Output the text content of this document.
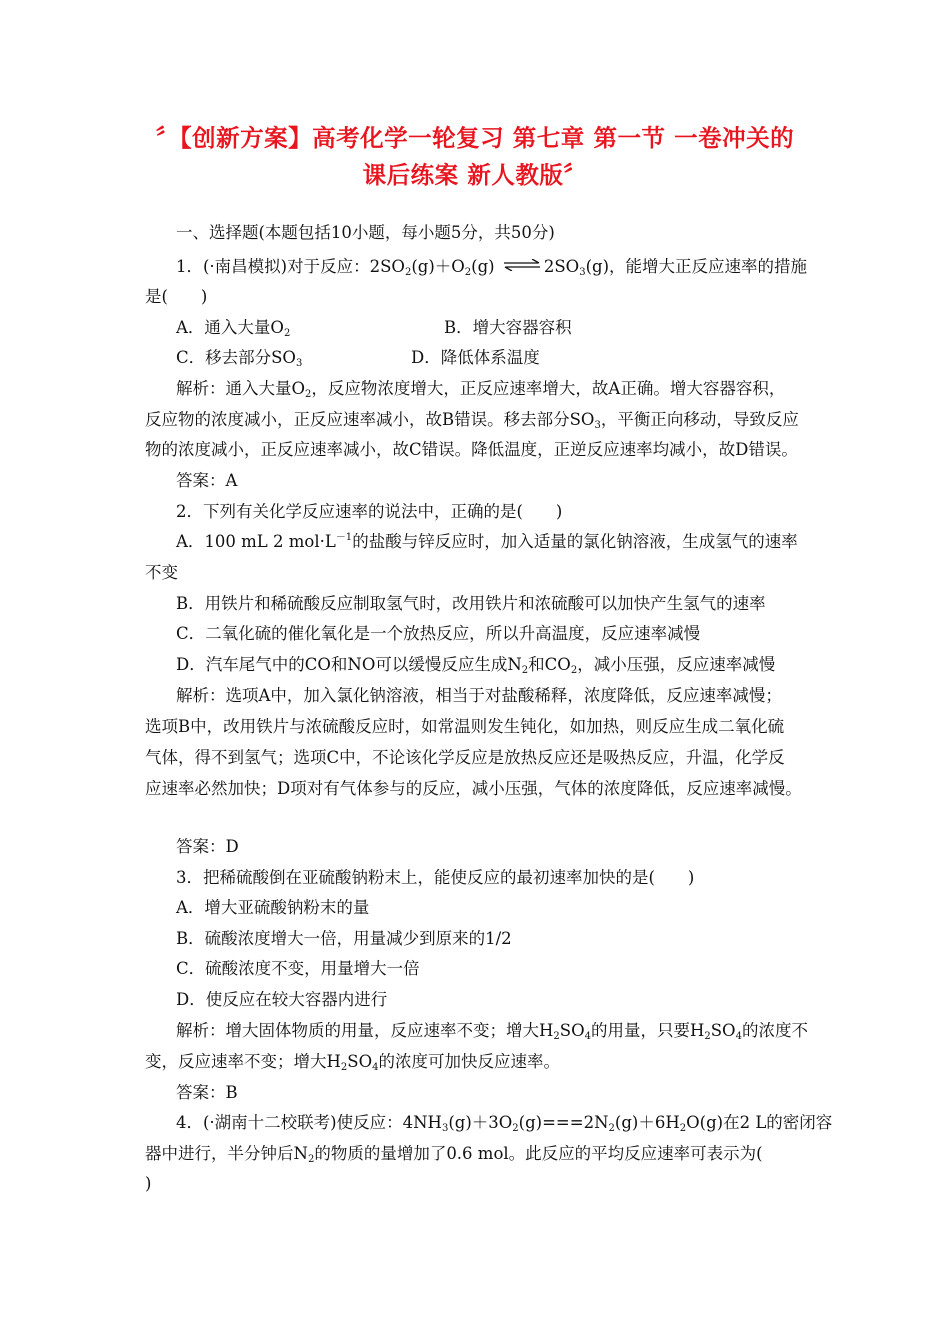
〞【创新方案】高考化学一轮复习 第七章 第一节 一卷冲关的
课后练案 新人教版〞
一、选择题(本题包括10小题，每小题5分，共50分)
1．(·南昌模拟)对于反应：$2SO_2(g)+O_2(g)$ ⇌ $2SO_3(g)$，能增大正反应速率的措施
是(　　)
A．通入大量$O_2$	B．增大容器容积
C．移去部分$SO_3$	D．降低体系温度
解析：通入大量$O_2$，反应物浓度增大，正反应速率增大，故A正确。增大容器容积，
反应物的浓度减小，正反应速率减小，故B错误。移去部分$SO_3$，平衡正向移动，导致反应
物的浓度减小，正反应速率减小，故C错误。降低温度，正逆反应速率均减小，故D错误。
答案：A
2．下列有关化学反应速率的说法中，正确的是(　　)
A．100 mL 2 $mol\cdot L^{-1}$的盐酸与锌反应时，加入适量的氯化钠溶液，生成氢气的速率
不变
B．用铁片和稀硫酸反应制取氢气时，改用铁片和浓硫酸可以加快产生氢气的速率
C．二氧化硫的催化氧化是一个放热反应，所以升高温度，反应速率减慢
D．汽车尾气中的CO和NO可以缓慢反应生成$N_2$和$CO_2$，减小压强，反应速率减慢
解析：选项A中，加入氯化钠溶液，相当于对盐酸稀释，浓度降低，反应速率减慢；
选项B中，改用铁片与浓硫酸反应时，如常温则发生钝化，如加热，则反应生成二氧化硫
气体，得不到氢气；选项C中，不论该化学反应是放热反应还是吸热反应，升温，化学反
应速率必然加快；D项对有气体参与的反应，减小压强，气体的浓度降低，反应速率减慢。
答案：D
3．把稀硫酸倒在亚硫酸钠粉末上，能使反应的最初速率加快的是(　　)
A．增大亚硫酸钠粉末的量
B．硫酸浓度增大一倍，用量减少到原来的1/2
C．硫酸浓度不变，用量增大一倍
D．使反应在较大容器内进行
解析：增大固体物质的用量，反应速率不变；增大$H_2SO_4$的用量，只要$H_2SO_4$的浓度不
变，反应速率不变；增大$H_2SO_4$的浓度可加快反应速率。
答案：B
4．(·湖南十二校联考)使反应：$4NH_3(g)+3O_2(g)===2N_2(g)+6H_2O(g)$在2 L的密闭容
器中进行，半分钟后$N_2$的物质的量增加了0.6 mol。此反应的平均反应速率可表示为(
)
